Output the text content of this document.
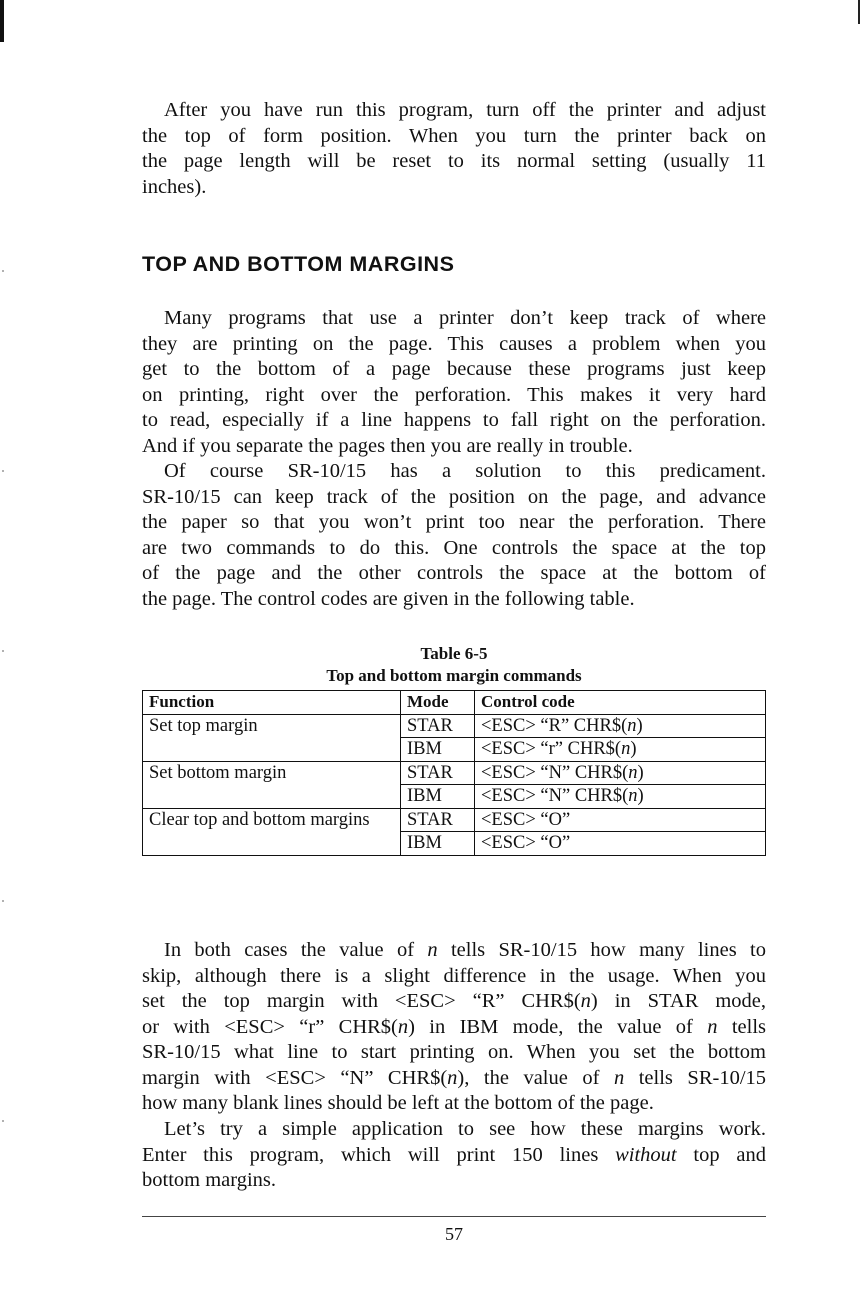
After you have run this program, turn off the printer and adjust
the top of form position. When you turn the printer back on
the page length will be reset to its normal setting (usually 11
inches).

TOP AND BOTTOM MARGINS

Many programs that use a printer don’t keep track of where
they are printing on the page. This causes a problem when you
get to the bottom of a page because these programs just keep
on printing, right over the perforation. This makes it very hard
to read, especially if a line happens to fall right on the perforation.
And if you separate the pages then you are really in trouble.

Of course SR-10/15 has a solution to this predicament.
SR-10/15 can keep track of the position on the page, and advance
the paper so that you won’t print too near the perforation. There
are two commands to do this. One controls the space at the top
of the page and the other controls the space at the bottom of
the page. The control codes are given in the following table.

Table 6-5
Top and bottom margin commands
Function	Mode	Control code
Set top margin	STAR	<ESC> “R” CHR$(n)
	IBM	<ESC> “r” CHR$(n)
Set bottom margin	STAR	<ESC> “N” CHR$(n)
	IBM	<ESC> “N” CHR$(n)
Clear top and bottom margins	STAR	<ESC> “O”
	IBM	<ESC> “O”

In both cases the value of n tells SR-10/15 how many lines to
skip, although there is a slight difference in the usage. When you
set the top margin with <ESC> “R” CHR$(n) in STAR mode,
or with <ESC> “r” CHR$(n) in IBM mode, the value of n tells
SR-10/15 what line to start printing on. When you set the bottom
margin with <ESC> “N” CHR$(n), the value of n tells SR-10/15
how many blank lines should be left at the bottom of the page.

Let’s try a simple application to see how these margins work.
Enter this program, which will print 150 lines without top and
bottom margins.

57
